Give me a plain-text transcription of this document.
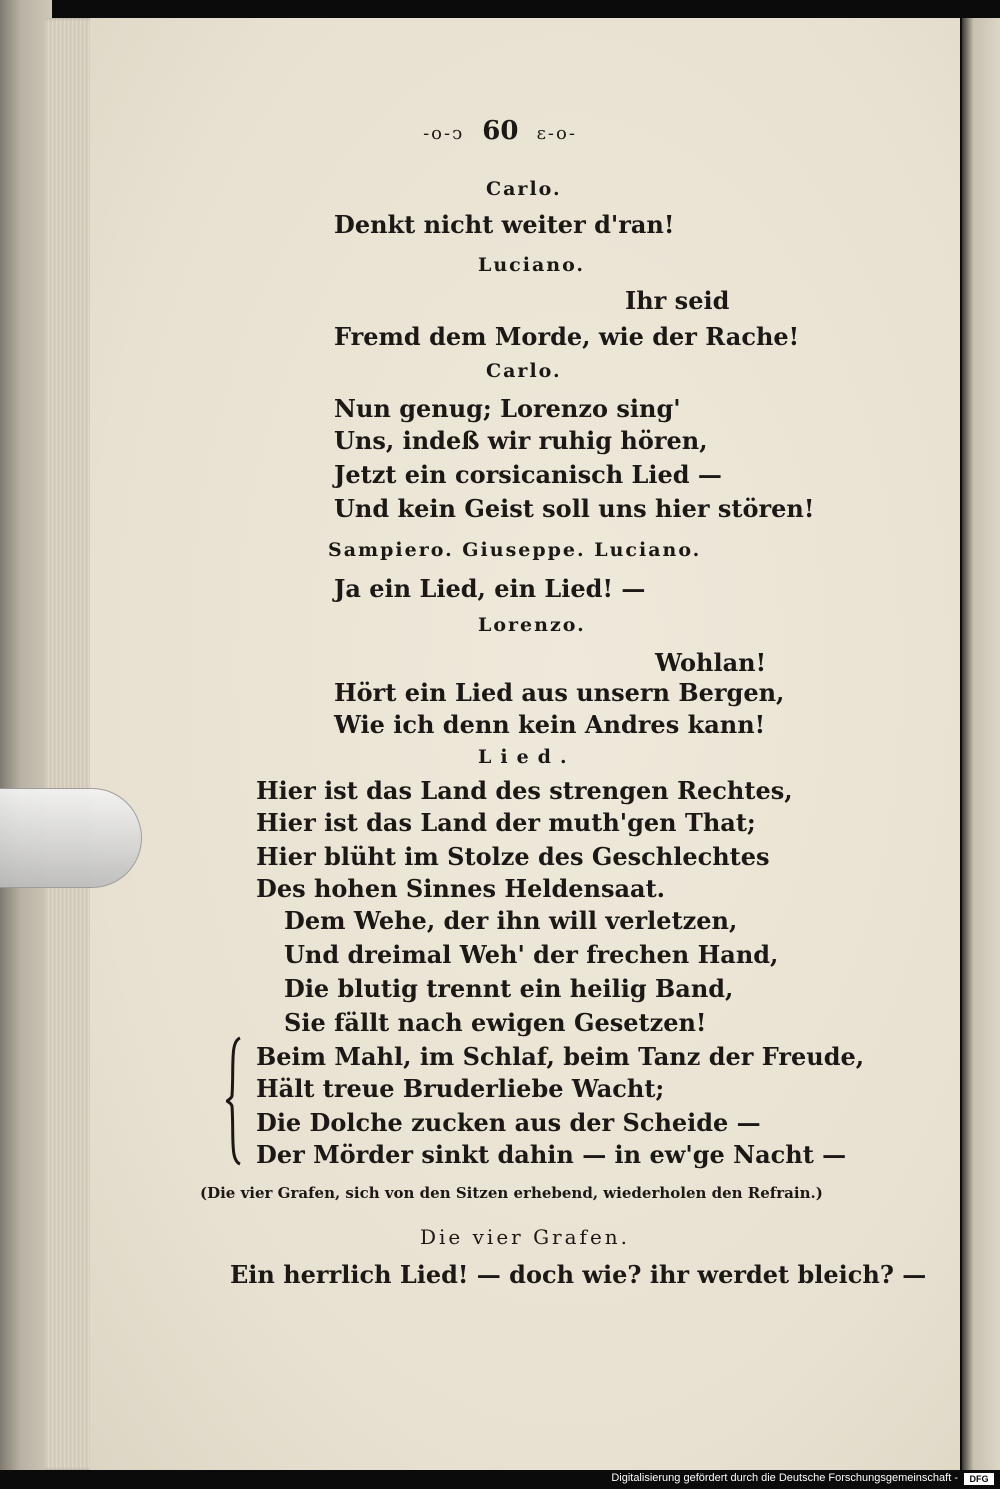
-o-ↄ 60 ɛ-o-
Carlo.
Denkt nicht weiter d'ran!
Luciano.
Ihr seid
Fremd dem Morde, wie der Rache!
Carlo.
Nun genug; Lorenzo sing'
Uns, indeß wir ruhig hören,
Jetzt ein corsicanisch Lied —
Und kein Geist soll uns hier stören!
Sampiero. Giuseppe. Luciano.
Ja ein Lied, ein Lied! —
Lorenzo.
Wohlan!
Hört ein Lied aus unsern Bergen,
Wie ich denn kein Andres kann!
Lied.
Hier ist das Land des strengen Rechtes,
Hier ist das Land der muth'gen That;
Hier blüht im Stolze des Geschlechtes
Des hohen Sinnes Heldensaat.
Dem Wehe, der ihn will verletzen,
Und dreimal Weh' der frechen Hand,
Die blutig trennt ein heilig Band,
Sie fällt nach ewigen Gesetzen!
Beim Mahl, im Schlaf, beim Tanz der Freude,
Hält treue Bruderliebe Wacht;
Die Dolche zucken aus der Scheide —
Der Mörder sinkt dahin — in ew'ge Nacht —
(Die vier Grafen, sich von den Sitzen erhebend, wiederholen den Refrain.)
Die vier Grafen.
Ein herrlich Lied! — doch wie? ihr werdet bleich? —
Digitalisierung gefördert durch die Deutsche Forschungsgemeinschaft -	DFG
